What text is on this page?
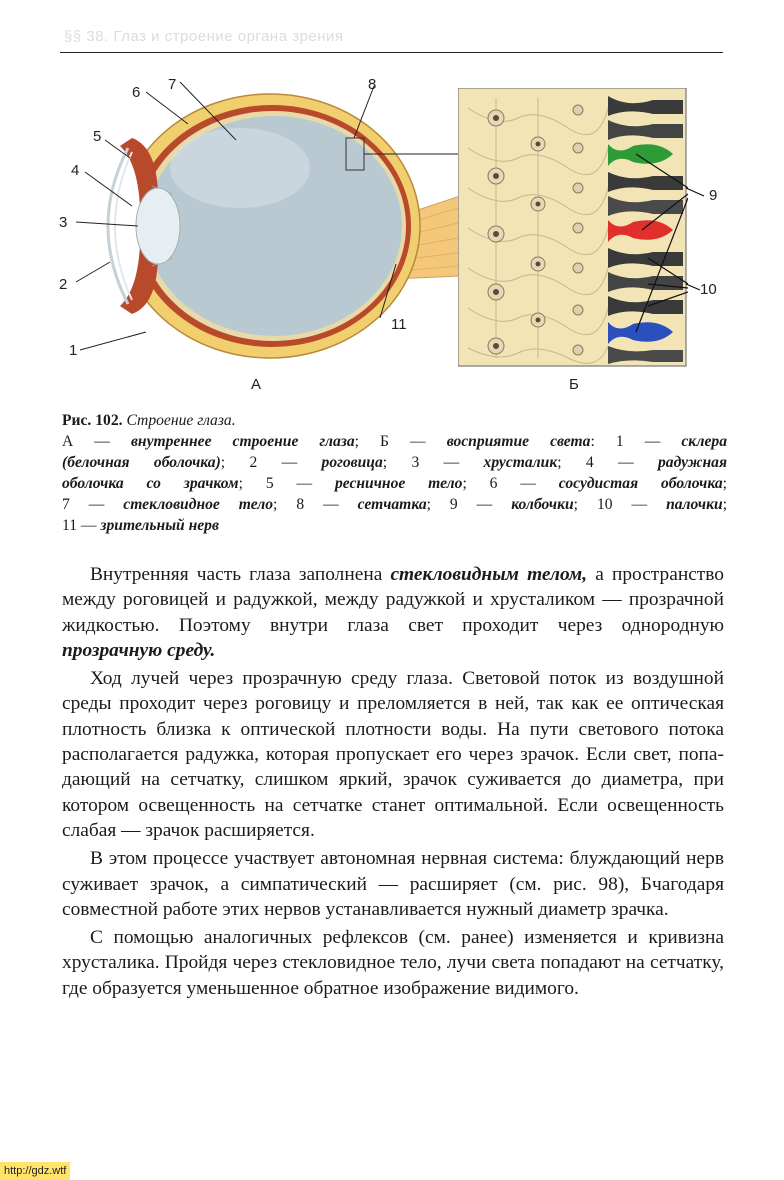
§§ 38. Глаз и строение органа зрения
7
6	8
5
4
3
2
1
11
А
9
10
Б
Рис. 102. Строение глаза.
А — внутреннее строение глаза; Б — восприятие света: 1 — склера
(белочная оболочка); 2 — роговица; 3 — хрусталик; 4 — радужная
оболочка со зрачком; 5 — ресничное тело; 6 — сосудистая оболочка;
7 — стекловидное тело; 8 — сетчатка; 9 — колбочки; 10 — палочки;
11 — зрительный нерв

Внутренняя часть глаза заполнена стекловидным телом, а пространство между роговицей и радужкой, между радужкой и хрусталиком — прозрачной жидкостью. Поэтому внутри глаза свет проходит через однородную прозрачную среду.

Ход лучей через прозрачную среду глаза. Световой поток из воздушной среды проходит через роговицу и преломляется в ней, так как ее оптическая плотность близка к оптической плотности воды. На пути светового потока располагается радужка, которая пропускает его через зрачок. Если свет, попадающий на сетчатку, слишком яркий, зрачок суживается до диаметра, при котором освещенность на сетчатке станет оптимальной. Если освещенность слабая — зрачок расширяется.

В этом процессе участвует автономная нервная система: блуждающий нерв суживает зрачок, а симпатический — расширяет (см. рис. 98), Бчагодаря совместной работе этих нервов устанавливается нужный диаметр зрачка.

С помощью аналогичных рефлексов (см. ранее) изменяется и кривизна хрусталика. Пройдя через стекловидное тело, лучи света попадают на сетчатку, где образуется уменьшенное обратное изображение видимого.

http://gdz.wtf
